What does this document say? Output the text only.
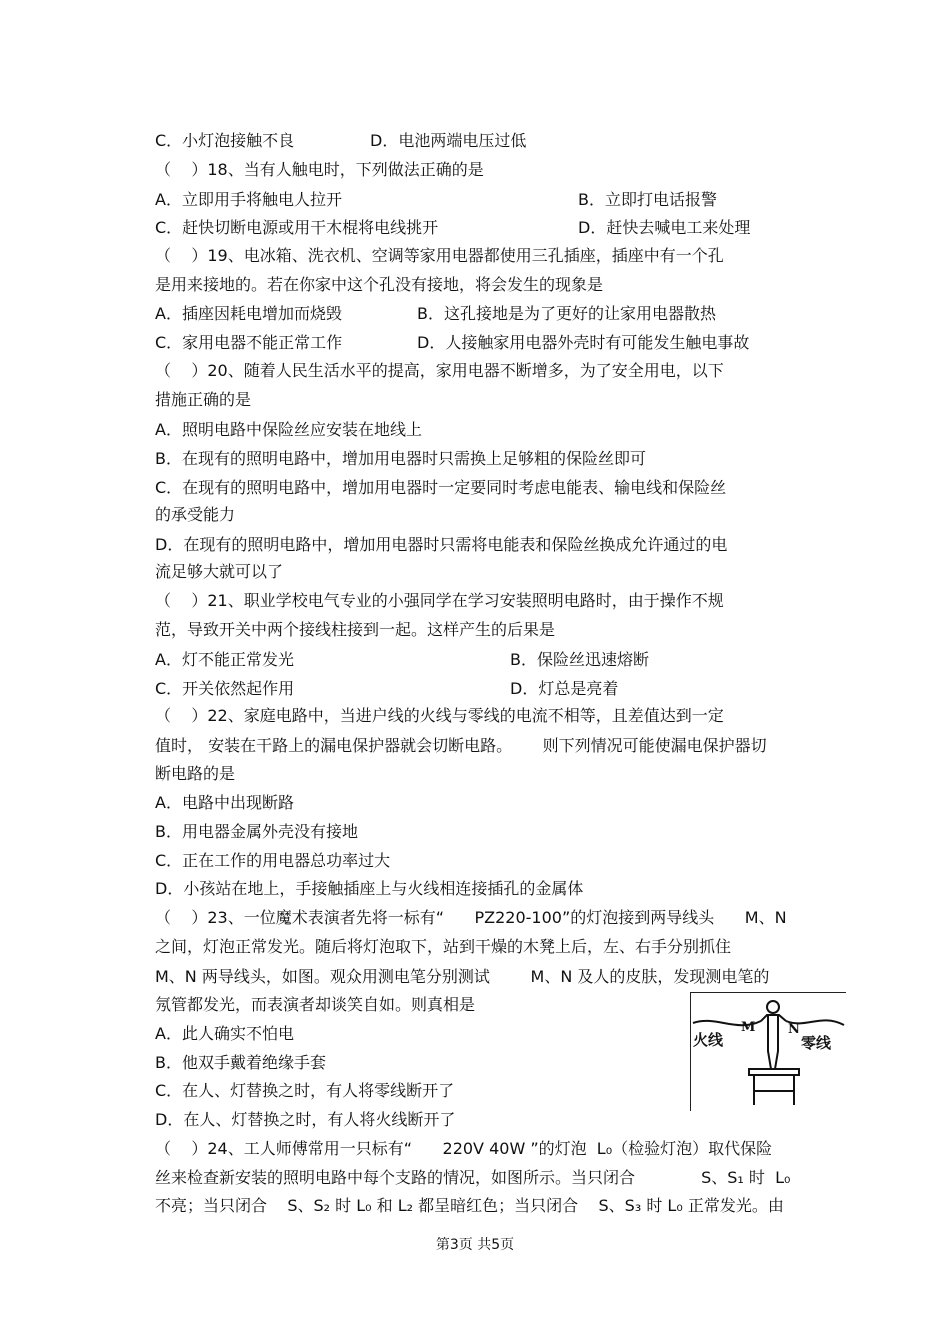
C．小灯泡接触不良	D．电池两端电压过低
（    ）18、当有人触电时，下列做法正确的是
A．立即用手将触电人拉开	B．立即打电话报警
C．赶快切断电源或用干木棍将电线挑开	D．赶快去喊电工来处理
（    ）19、电冰箱、洗衣机、空调等家用电器都使用三孔插座，插座中有一个孔
是用来接地的。若在你家中这个孔没有接地，将会发生的现象是
A．插座因耗电增加而烧毁	B．这孔接地是为了更好的让家用电器散热
C．家用电器不能正常工作	D．人接触家用电器外壳时有可能发生触电事故
（    ）20、随着人民生活水平的提高，家用电器不断增多，为了安全用电，以下
措施正确的是
A．照明电路中保险丝应安装在地线上
B．在现有的照明电路中，增加用电器时只需换上足够粗的保险丝即可
C．在现有的照明电路中，增加用电器时一定要同时考虑电能表、输电线和保险丝
的承受能力
D．在现有的照明电路中，增加用电器时只需将电能表和保险丝换成允许通过的电
流足够大就可以了
（    ）21、职业学校电气专业的小强同学在学习安装照明电路时，由于操作不规
范，导致开关中两个接线柱接到一起。这样产生的后果是
A．灯不能正常发光	B．保险丝迅速熔断
C．开关依然起作用	D．灯总是亮着
（    ）22、家庭电路中，当进户线的火线与零线的电流不相等，且差值达到一定
值时， 安装在干路上的漏电保护器就会切断电路。      则下列情况可能使漏电保护器切
断电路的是
A．电路中出现断路
B．用电器金属外壳没有接地
C．正在工作的用电器总功率过大
D．小孩站在地上，手接触插座上与火线相连接插孔的金属体
（    ）23、一位魔术表演者先将一标有“      PZ220-100”的灯泡接到两导线头      M、N
之间，灯泡正常发光。随后将灯泡取下，站到干燥的木凳上后，左、右手分别抓住
M、N 两导线头，如图。观众用测电笔分别测试        M、N 及人的皮肤，发现测电笔的
氖管都发光，而表演者却谈笑自如。则真相是
A．此人确实不怕电
B．他双手戴着绝缘手套
C．在人、灯替换之时，有人将零线断开了
D．在人、灯替换之时，有人将火线断开了
火线	零线
M	N
（    ）24、工人师傅常用一只标有“      220V 40W ”的灯泡  L₀（检验灯泡）取代保险
丝来检查新安装的照明电路中每个支路的情况，如图所示。当只闭合             S、S₁ 时  L₀
不亮；当只闭合    S、S₂ 时 L₀ 和 L₂ 都呈暗红色；当只闭合    S、S₃ 时 L₀ 正常发光。由
第3页 共5页
